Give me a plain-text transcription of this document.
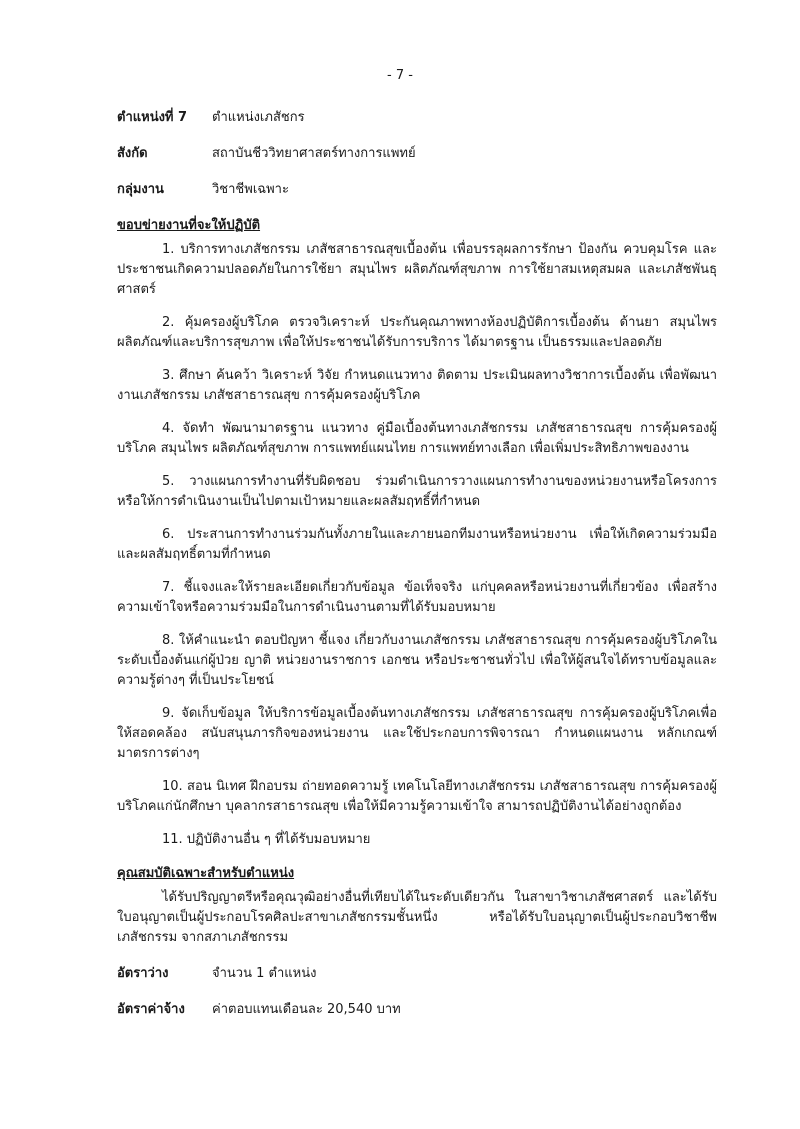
- 7 -
ตำแหน่งที่ 7	ตำแหน่งเภสัชกร
สังกัด	สถาบันชีววิทยาศาสตร์ทางการแพทย์
กลุ่มงาน	วิชาชีพเฉพาะ
ขอบข่ายงานที่จะให้ปฏิบัติ

1. บริการทางเภสัชกรรม เภสัชสาธารณสุขเบื้องต้น เพื่อบรรลุผลการรักษา ป้องกัน ควบคุมโรค และประชาชนเกิดความปลอดภัยในการใช้ยา สมุนไพร ผลิตภัณฑ์สุขภาพ การใช้ยาสมเหตุสมผล และเภสัชพันธุศาสตร์

2. คุ้มครองผู้บริโภค ตรวจวิเคราะห์ ประกันคุณภาพทางห้องปฏิบัติการเบื้องต้น ด้านยา สมุนไพร ผลิตภัณฑ์และบริการสุขภาพ เพื่อให้ประชาชนได้รับการบริการ ได้มาตรฐาน เป็นธรรมและปลอดภัย

3. ศึกษา ค้นคว้า วิเคราะห์ วิจัย กำหนดแนวทาง ติดตาม ประเมินผลทางวิชาการเบื้องต้น เพื่อพัฒนางานเภสัชกรรม เภสัชสาธารณสุข การคุ้มครองผู้บริโภค

4. จัดทำ พัฒนามาตรฐาน แนวทาง คู่มือเบื้องต้นทางเภสัชกรรม เภสัชสาธารณสุข การคุ้มครองผู้บริโภค สมุนไพร ผลิตภัณฑ์สุขภาพ การแพทย์แผนไทย การแพทย์ทางเลือก เพื่อเพิ่มประสิทธิภาพของงาน

5. วางแผนการทำงานที่รับผิดชอบ ร่วมดำเนินการวางแผนการทำงานของหน่วยงานหรือโครงการ หรือให้การดำเนินงานเป็นไปตามเป้าหมายและผลสัมฤทธิ์ที่กำหนด

6. ประสานการทำงานร่วมกันทั้งภายในและภายนอกทีมงานหรือหน่วยงาน เพื่อให้เกิดความร่วมมือและผลสัมฤทธิ์ตามที่กำหนด

7. ชี้แจงและให้รายละเอียดเกี่ยวกับข้อมูล ข้อเท็จจริง แก่บุคคลหรือหน่วยงานที่เกี่ยวข้อง เพื่อสร้างความเข้าใจหรือความร่วมมือในการดำเนินงานตามที่ได้รับมอบหมาย

8. ให้คำแนะนำ ตอบปัญหา ชี้แจง เกี่ยวกับงานเภสัชกรรม เภสัชสาธารณสุข การคุ้มครองผู้บริโภคในระดับเบื้องต้นแก่ผู้ป่วย ญาติ หน่วยงานราชการ เอกชน หรือประชาชนทั่วไป เพื่อให้ผู้สนใจได้ทราบข้อมูลและความรู้ต่างๆ ที่เป็นประโยชน์

9. จัดเก็บข้อมูล ให้บริการข้อมูลเบื้องต้นทางเภสัชกรรม เภสัชสาธารณสุข การคุ้มครองผู้บริโภคเพื่อให้สอดคล้อง สนับสนุนภารกิจของหน่วยงาน และใช้ประกอบการพิจารณา กำหนดแผนงาน หลักเกณฑ์มาตรการต่างๆ

10. สอน นิเทศ ฝึกอบรม ถ่ายทอดความรู้ เทคโนโลยีทางเภสัชกรรม เภสัชสาธารณสุข การคุ้มครองผู้บริโภคแก่นักศึกษา บุคลากรสาธารณสุข เพื่อให้มีความรู้ความเข้าใจ สามารถปฏิบัติงานได้อย่างถูกต้อง

11. ปฏิบัติงานอื่น ๆ ที่ได้รับมอบหมาย

คุณสมบัติเฉพาะสำหรับตำแหน่ง

ได้รับปริญญาตรีหรือคุณวุฒิอย่างอื่นที่เทียบได้ในระดับเดียวกัน ในสาขาวิชาเภสัชศาสตร์ และได้รับใบอนุญาตเป็นผู้ประกอบโรคศิลปะสาขาเภสัชกรรมชั้นหนึ่ง หรือได้รับใบอนุญาตเป็นผู้ประกอบวิชาชีพเภสัชกรรม จากสภาเภสัชกรรม

อัตราว่าง	จำนวน 1 ตำแหน่ง
อัตราค่าจ้าง	ค่าตอบแทนเดือนละ 20,540 บาท
